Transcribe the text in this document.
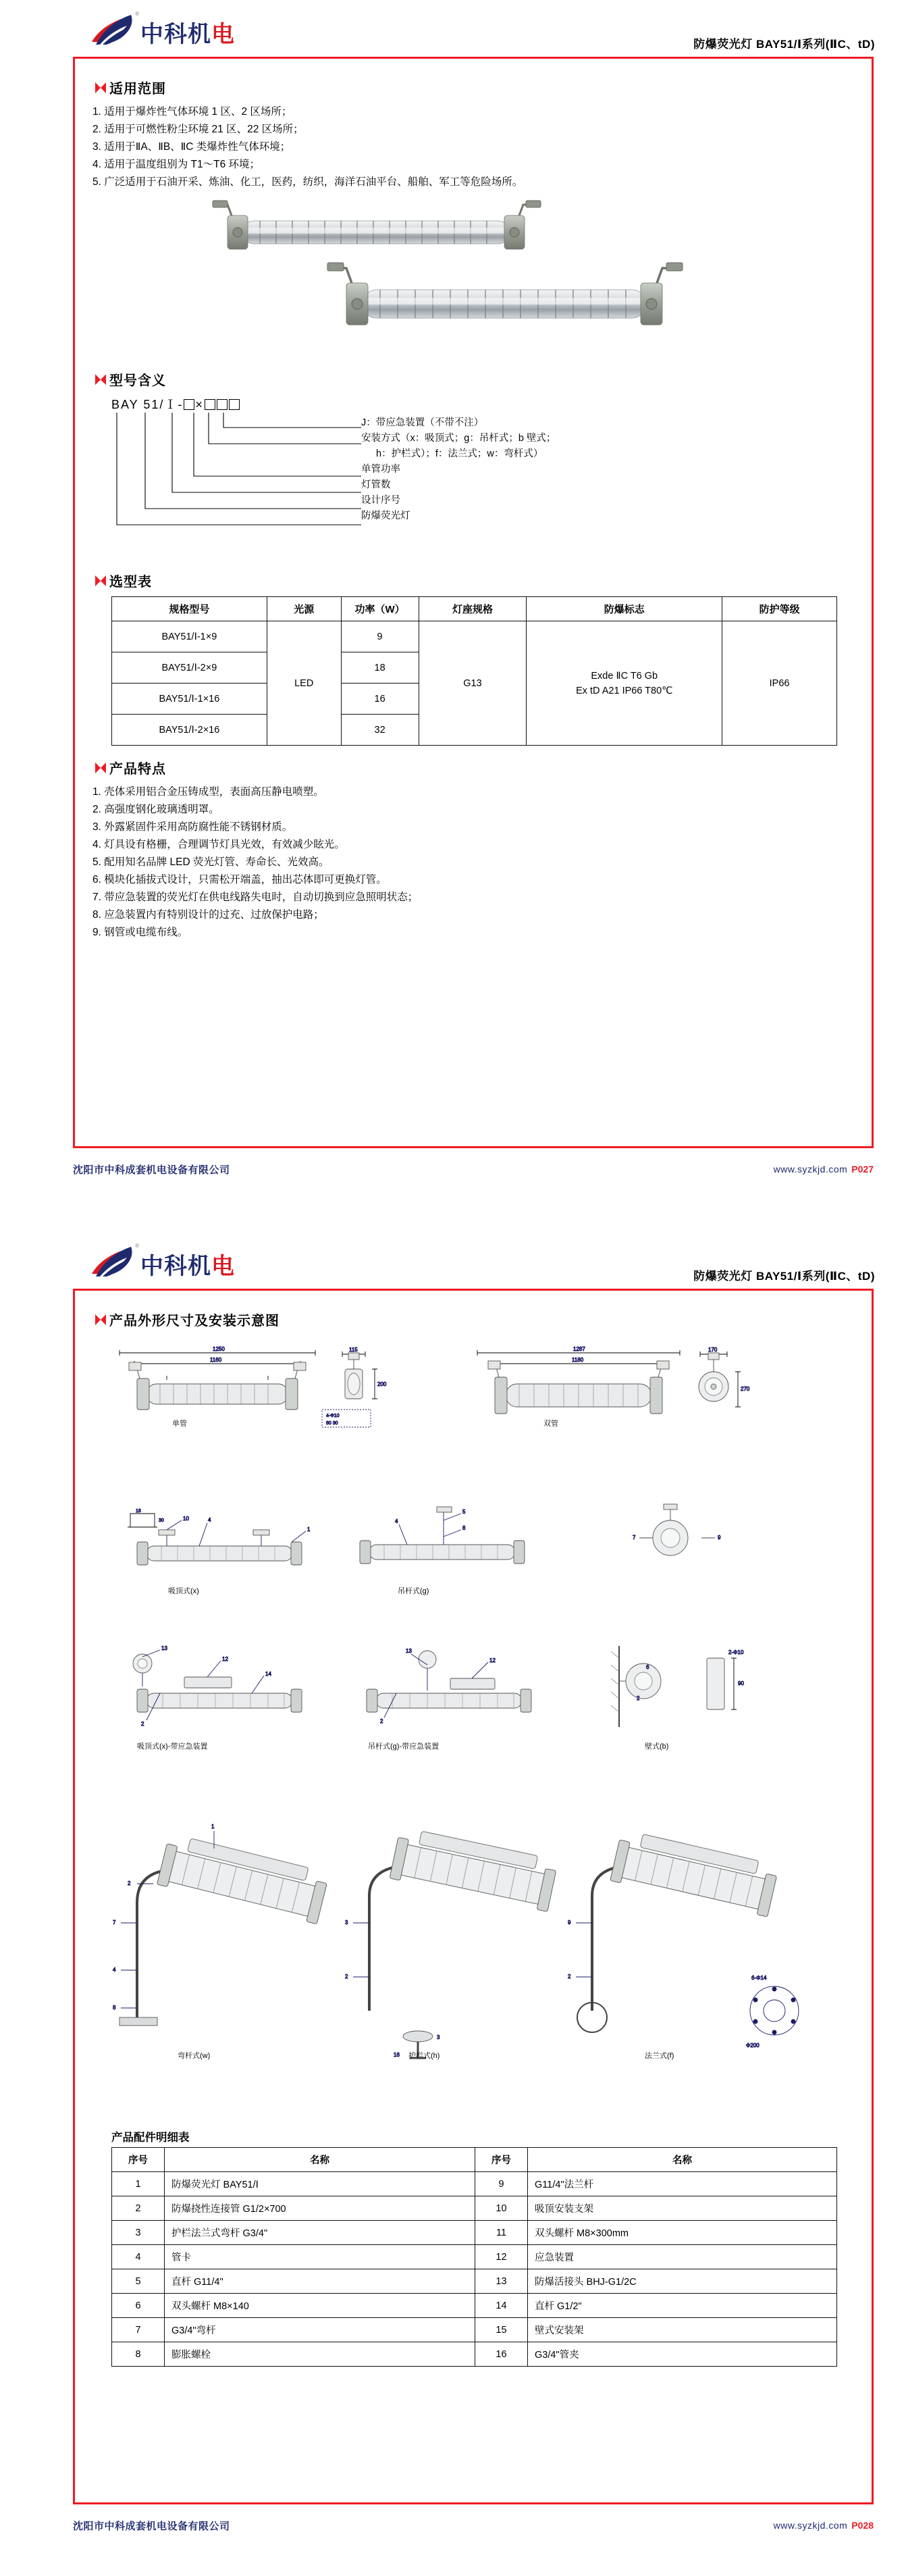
®
中科机电	防爆荧光灯 BAY51/Ⅰ系列(ⅡC、tD)
适用范围
1. 适用于爆炸性气体环境 1 区、2 区场所；
2. 适用于可燃性粉尘环境 21 区、22 区场所；
3. 适用于ⅡA、ⅡB、ⅡC 类爆炸性气体环境；
4. 适用于温度组别为 T1～T6 环境；
5. 广泛适用于石油开采、炼油、化工，医药，纺织，海洋石油平台、船舶、军工等危险场所。
型号含义
BAY 51/Ⅰ- ×
J：带应急装置（不带不注）
安装方式（x：吸顶式；g：吊杆式；b 壁式；
h：护栏式）；f：法兰式；w：弯杆式）
单管功率
灯管数
设计序号
防爆荧光灯
选型表
规格型号	光源	功率（W）	灯座规格	防爆标志	防护等级
BAY51/Ⅰ-1×9	LED	9	G13	Exde ⅡC T6 Gb
Ex tD A21 IP66 T80℃	IP66
BAY51/Ⅰ-2×9		18			
BAY51/Ⅰ-1×16		16			
BAY51/Ⅰ-2×16		32			
产品特点
1. 壳体采用铝合金压铸成型，表面高压静电喷塑。
2. 高强度钢化玻璃透明罩。
3. 外露紧固件采用高防腐性能不锈钢材质。
4. 灯具设有格栅，合理调节灯具光效，有效减少眩光。
5. 配用知名品牌 LED 荧光灯管、寿命长、光效高。
6. 模块化插拔式设计，只需松开端盖，抽出芯体即可更换灯管。
7. 带应急装置的荧光灯在供电线路失电时，自动切换到应急照明状态；
8. 应急装置内有特别设计的过充、过放保护电路；
9. 钢管或电缆布线。
沈阳市中科成套机电设备有限公司	www.syzkjd.com P027
®
中科机电	防爆荧光灯 BAY51/Ⅰ系列(ⅡC、tD)
产品外形尺寸及安装示意图
1250
1160
115
200
4-Φ10
80 30
1287
1180
170
270
18
30	10
1
4
5
8
4
9
7
13
12
14
2
13
12
2
2-Φ10
90
6
2
7
4
8
2
1
3
16
3
2	6-Φ14
Φ200
9
2
单管	双管
吸顶式(x)	吊杆式(g)
吸顶式(x)-带应急装置	吊杆式(g)-带应急装置	壁式(b)
弯杆式(w)	护栏式(h)	法兰式(f)
产品配件明细表
序号	名称	序号	名称
1	防爆荧光灯 BAY51/Ⅰ	9	G11/4"法兰杆
2	防爆挠性连接管 G1/2×700	10	吸顶安装支架
3	护栏法兰式弯杆 G3/4"	11	双头螺杆 M8×300mm
4	管卡	12	应急装置
5	直杆 G11/4"	13	防爆活接头 BHJ-G1/2C
6	双头螺杆 M8×140	14	直杆 G1/2"
7	G3/4"弯杆	15	壁式安装架
8	膨胀螺栓	16	G3/4"管夹
沈阳市中科成套机电设备有限公司	www.syzkjd.com P028
